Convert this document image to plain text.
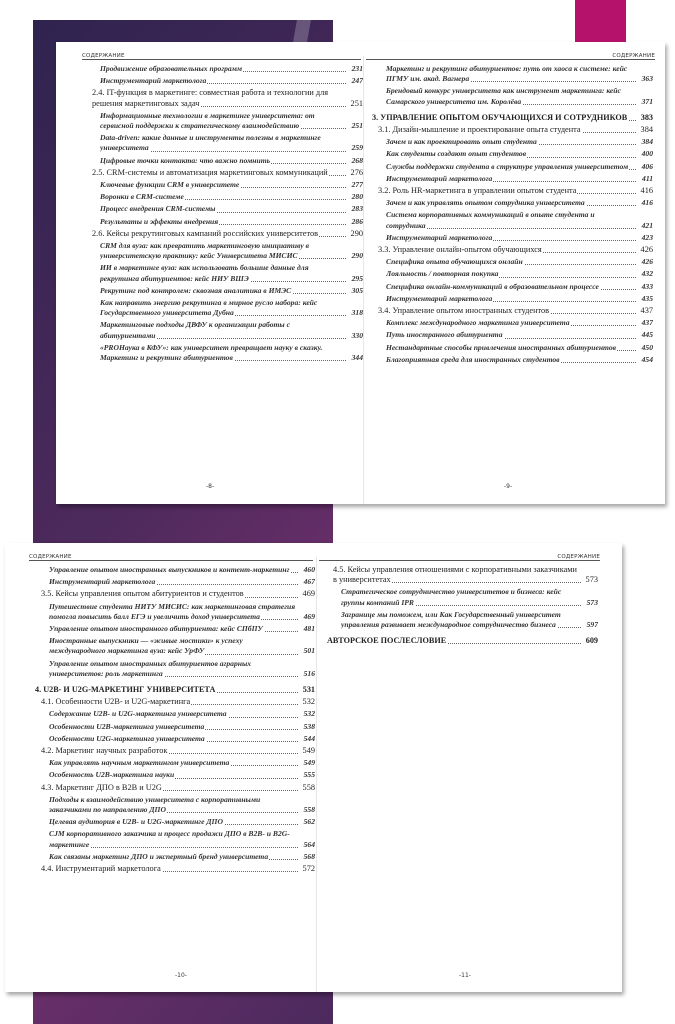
СОДЕРЖАНИЕ
Продвижение образовательных программ	231
Инструментарий маркетолога	247
2.4. IT-функция в маркетинге: совместная работа и технологии для решения маркетинговых задач	251
Информационные технологии в маркетинге университета: от сервисной поддержки к стратегическому взаимодействию	251
Data-driven: какие данные и инструменты полезны в маркетинге университета	259
Цифровые точки контакта: что важно помнить	268
2.5. CRM-системы и автоматизация маркетинговых коммуникаций	276
Ключевые функции CRM в университете	277
Воронки в CRM-системе	280
Процесс внедрения CRM-системы	283
Результаты и эффекты внедрения	286
2.6. Кейсы рекрутинговых кампаний российских университетов	290
CRM для вуза: как превратить маркетинговую инициативу в университетскую практику: кейс Университета МИСИС	290
ИИ в маркетинге вуза: как использовать большие данные для рекрутинга абитуриентов: кейс НИУ ВШЭ	295
Рекрутинг под контролем: сквозная аналитика в ИМЭС	305
Как направить энергию рекрутинга в мирное русло набора: кейс Государственного университета Дубна	318
Маркетинговые подходы ДВФУ к организации работы с абитуриентами	330
«PROНаука в КФУ»: как университет превращает науку в сказку. Маркетинг и рекрутинг абитуриентов	344
-8-
СОДЕРЖАНИЕ
Маркетинг и рекрутинг абитуриентов: путь от хаоса к системе: кейс ПГМУ им. акад. Вагнера	363
Брендовый конкурс университета как инструмент маркетинга: кейс Самарского университета им. Королёва	371
3. УПРАВЛЕНИЕ ОПЫТОМ ОБУЧАЮЩИХСЯ И СОТРУДНИКОВ	383
3.1. Дизайн-мышление и проектирование опыта студента	384
Зачем и как проектировать опыт студента	384
Как студенты создают опыт студентов	400
Службы поддержки студента в структуре управления университетом	406
Инструментарий маркетолога	411
3.2. Роль HR-маркетинга в управлении опытом студента	416
Зачем и как управлять опытом сотрудника университета	416
Система корпоративных коммуникаций в опыте студента и сотрудника	421
Инструментарий маркетолога	423
3.3. Управление онлайн-опытом обучающихся	426
Специфика опыта обучающихся онлайн	426
Лояльность / повторная покупка	432
Специфика онлайн-коммуникаций в образовательном процессе	433
Инструментарий маркетолога	435
3.4. Управление опытом иностранных студентов	437
Комплекс международного маркетинга университета	437
Путь иностранного абитуриента	445
Нестандартные способы привлечения иностранных абитуриентов	450
Благоприятная среда для иностранных студентов	454
-9-
СОДЕРЖАНИЕ
Управление опытом иностранных выпускников и контент-маркетинг	460
Инструментарий маркетолога	467
3.5. Кейсы управления опытом абитуриентов и студентов	469
Путешествие студента НИТУ МИСИС: как маркетинговая стратегия помогла повысить балл ЕГЭ и увеличить доход университета	469
Управление опытом иностранного абитуриента: кейс СПбПУ	481
Иностранные выпускники — «живые мостики» к успеху международного маркетинга вуза: кейс УрФУ	501
Управление опытом иностранных абитуриентов аграрных университетов: роль маркетинга	516
4. U2B- И U2G-МАРКЕТИНГ УНИВЕРСИТЕТА	531
4.1. Особенности U2B- и U2G-маркетинга	532
Содержание U2B- и U2G-маркетинга университета	532
Особенности U2B-маркетинга университета	538
Особенности U2G-маркетинга университета	544
4.2. Маркетинг научных разработок	549
Как управлять научным маркетингом университета	549
Особенность U2B-маркетинга науки	555
4.3. Маркетинг ДПО в B2B и U2G	558
Подходы к взаимодействию университета с корпоративными заказчиками по направлению ДПО	558
Целевая аудитория в U2B- и U2G-маркетинге ДПО	562
CJM корпоративного заказчика и процесс продажи ДПО в B2B- и B2G-маркетинге	564
Как связаны маркетинг ДПО и экспертный бренд университета	568
4.4. Инструментарий маркетолога	572
-10-
СОДЕРЖАНИЕ
4.5. Кейсы управления отношениями с корпоративными заказчиками в университетах	573
Стратегическое сотрудничество университетов и бизнеса: кейс группы компаний IPR	573
Загранице мы поможем, или Как Государственный университет управления развивает международное сотрудничество бизнеса	597
АВТОРСКОЕ ПОСЛЕСЛОВИЕ	609
-11-
